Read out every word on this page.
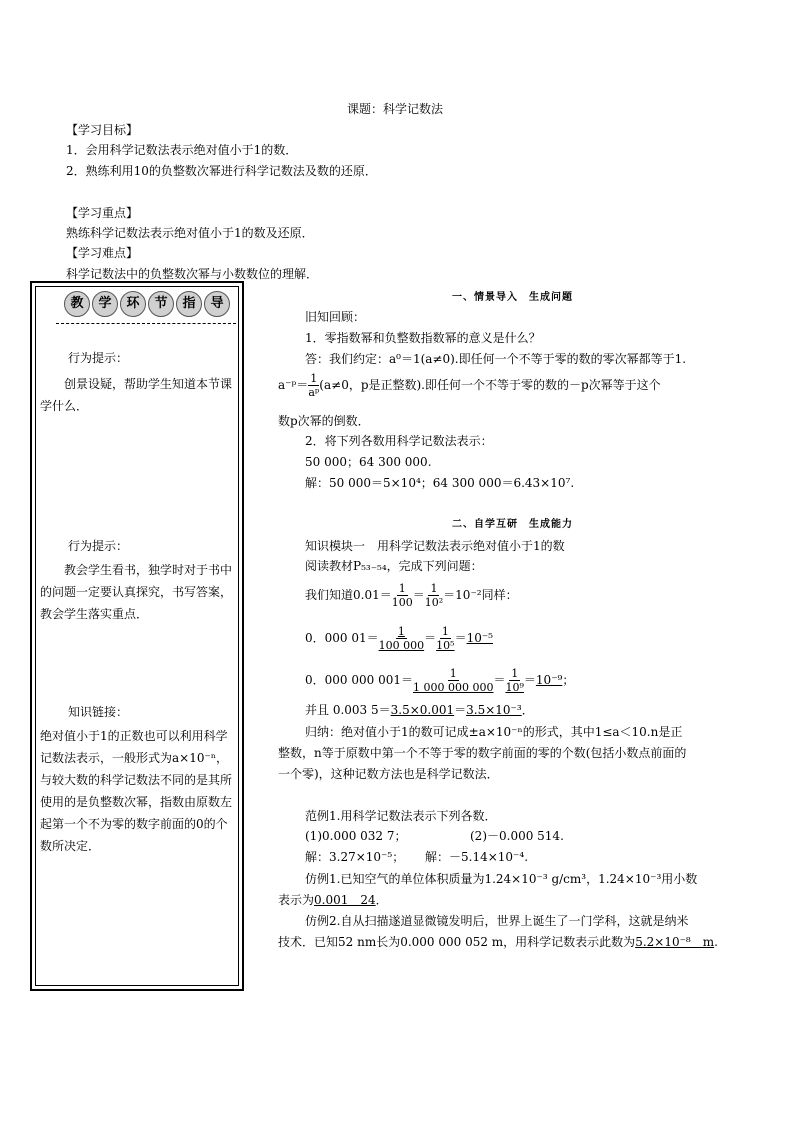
课题：科学记数法
【学习目标】
1．会用科学记数法表示绝对值小于1的数．
2．熟练利用10的负整数次幂进行科学记数法及数的还原．
【学习重点】
熟练科学记数法表示绝对值小于1的数及还原．
【学习难点】
科学记数法中的负整数次幂与小数数位的理解．
教	学	环	节	指	导
行为提示：
创景设疑，帮助学生知道本节课学什么．
行为提示：
教会学生看书，独学时对于书中的问题一定要认真探究，书写答案，教会学生落实重点．
知识链接：
绝对值小于1的正数也可以利用科学记数法表示，一般形式为a×10⁻ⁿ，与较大数的科学记数法不同的是其所使用的是负整数次幂，指数由原数左起第一个不为零的数字前面的0的个数所决定．
一、情景导入　生成问题
旧知回顾：
1．零指数幂和负整数指数幂的意义是什么？
答：我们约定：a⁰＝1(a≠0).即任何一个不等于零的数的零次幂都等于1.
a⁻ᵖ＝ $\frac{1}{\text{aᵖ}} (a\ne 0$，p是正整数).即任何一个不等于零的数的－p次幂等于这个
数p次幂的倒数．
2．将下列各数用科学记数法表示：
50 000；64 300 000.
解：50 000＝5×10⁴；64 300 000＝6.43×10⁷.
二、自学互研　生成能力
知识模块一　用科学记数法表示绝对值小于1的数
阅读教材P₅₃₋₅₄，完成下列问题：
我们知道$0.01= \frac{1}{100} = \frac{1}{\text{10²}} =10^{-2}$同样：
0．000 $01= \frac{1}{100 000} = \frac{1}{\text{10⁵}} =10^{-5}$
0．000 000 $001= \frac{1}{1 000 000 000} = \frac{1}{\text{10⁹}} =10^{-9}$；
并且 0.003 5＝3.5×0.001＝3.5×10⁻³．
归纳：绝对值小于1的数可记成±a×10⁻ⁿ的形式，其中1≤a＜10.n是正
整数，n等于原数中第一个不等于零的数字前面的零的个数(包括小数点前面的
一个零)，这种记数方法也是科学记数法．
范例1.用科学记数法表示下列各数．
(1)0.000 032 7；	(2)－0.000 514.
解：3.27×10⁻⁵； 解：－5.14×10⁻⁴.
仿例1.已知空气的单位体积质量为1.24×10⁻³ g/cm³，1.24×10⁻³用小数
表示为0.001＿24．
仿例2.自从扫描遂道显微镜发明后，世界上诞生了一门学科，这就是纳米
技术．已知52 nm长为0.000 000 052 m，用科学记数表示此数为5.2×10⁻⁸＿m.
